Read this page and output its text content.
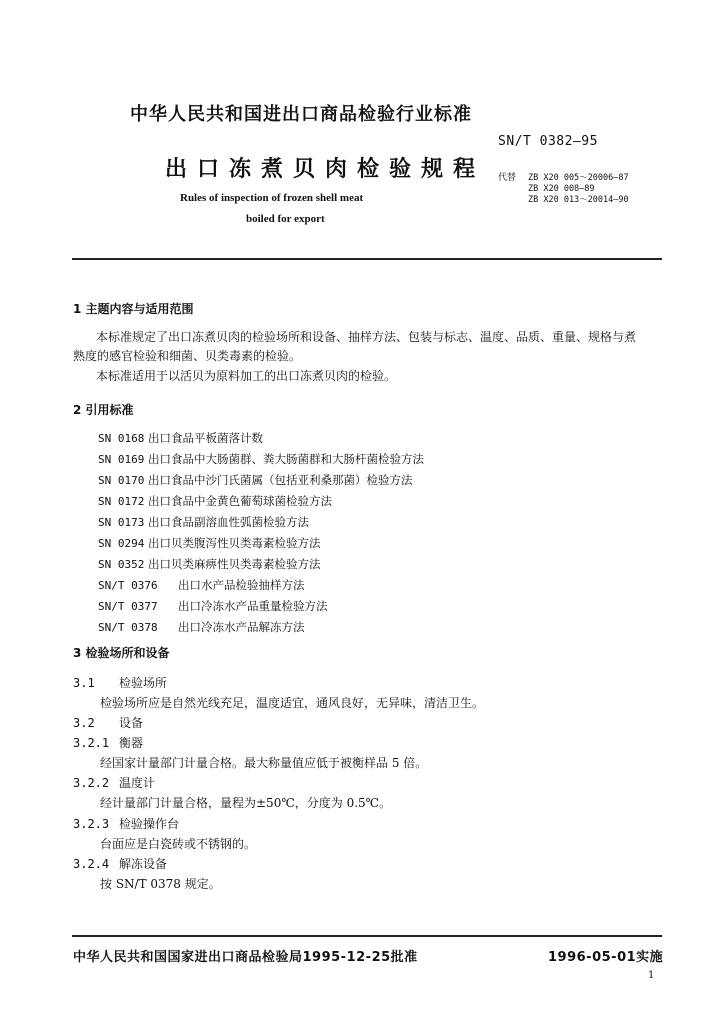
中华人民共和国进出口商品检验行业标准
SN/T 0382—95
出口冻煮贝肉检验规程
Rules of inspection of frozen shell meat
boiled for export
代替 ZB X20 005～20006—87
ZB X20 008—89
ZB X20 013～20014—90
1 主题内容与适用范围
本标准规定了出口冻煮贝肉的检验场所和设备、抽样方法、包装与标志、温度、品质、重量、规格与煮
熟度的感官检验和细菌、贝类毒素的检验。
本标准适用于以活贝为原料加工的出口冻煮贝肉的检验。
2 引用标准
SN 0168 出口食品平板菌落计数
SN 0169 出口食品中大肠菌群、粪大肠菌群和大肠杆菌检验方法
SN 0170 出口食品中沙门氏菌属（包括亚利桑那菌）检验方法
SN 0172 出口食品中金黄色葡萄球菌检验方法
SN 0173 出口食品副溶血性弧菌检验方法
SN 0294 出口贝类腹泻性贝类毒素检验方法
SN 0352 出口贝类麻痹性贝类毒素检验方法
SN/T 0376 出口水产品检验抽样方法
SN/T 0377 出口冷冻水产品重量检验方法
SN/T 0378 出口冷冻水产品解冻方法
3 检验场所和设备
3.1 检验场所
检验场所应是自然光线充足，温度适宜，通风良好，无异味，清洁卫生。
3.2 设备
3.2.1 衡器
经国家计量部门计量合格。最大称量值应低于被衡样品 5 倍。
3.2.2 温度计
经计量部门计量合格，量程为±50℃，分度为 0.5℃。
3.2.3 检验操作台
台面应是白瓷砖或不锈钢的。
3.2.4 解冻设备
按 SN/T 0378 规定。
中华人民共和国国家进出口商品检验局1995-12-25批准	1996-05-01实施
1
